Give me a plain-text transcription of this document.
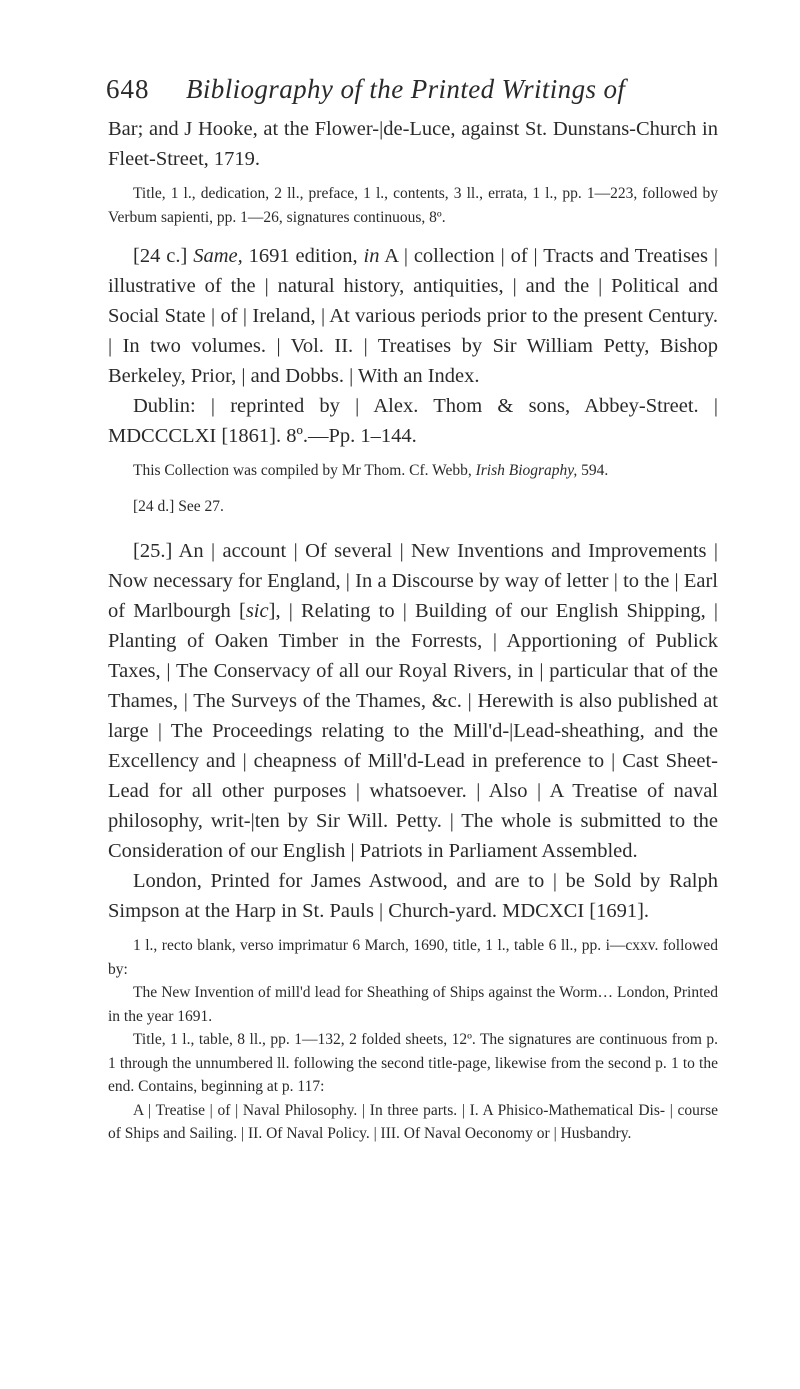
648 Bibliography of the Printed Writings of

Bar; and J Hooke, at the Flower-|de-Luce, against St. Dunstans-Church in Fleet-Street, 1719.

Title, 1 l., dedication, 2 ll., preface, 1 l., contents, 3 ll., errata, 1 l., pp. 1—223, followed by Verbum sapienti, pp. 1—26, signatures continuous, 8º.

[24 c.] Same, 1691 edition, in A | collection | of | Tracts and Treatises | illustrative of the | natural history, antiquities, | and the | Political and Social State | of | Ireland, | At various periods prior to the present Century. | In two volumes. | Vol. II. | Treatises by Sir William Petty, Bishop Berkeley, Prior, | and Dobbs. | With an Index.

Dublin: | reprinted by | Alex. Thom & sons, Abbey-Street. | MDCCCLXI [1861]. 8º.—Pp. 1–144.

This Collection was compiled by Mr Thom. Cf. Webb, Irish Biography, 594.

[24 d.] See 27.

[25.] An | account | Of several | New Inventions and Improvements | Now necessary for England, | In a Discourse by way of letter | to the | Earl of Marlbourgh [sic], | Relating to | Building of our English Shipping, | Planting of Oaken Timber in the Forrests, | Apportioning of Publick Taxes, | The Conservacy of all our Royal Rivers, in | particular that of the Thames, | The Surveys of the Thames, &c. | Herewith is also published at large | The Proceedings relating to the Mill'd-|Lead-sheathing, and the Excellency and | cheapness of Mill'd-Lead in preference to | Cast Sheet-Lead for all other purposes | whatsoever. | Also | A Treatise of naval philosophy, writ-|ten by Sir Will. Petty. | The whole is submitted to the Consideration of our English | Patriots in Parliament Assembled.

London, Printed for James Astwood, and are to | be Sold by Ralph Simpson at the Harp in St. Pauls | Church-yard. MDCXCI [1691].

1 l., recto blank, verso imprimatur 6 March, 1690, title, 1 l., table 6 ll., pp. i—cxxv. followed by:

The New Invention of mill'd lead for Sheathing of Ships against the Worm… London, Printed in the year 1691.

Title, 1 l., table, 8 ll., pp. 1—132, 2 folded sheets, 12º. The signatures are continuous from p. 1 through the unnumbered ll. following the second title-page, likewise from the second p. 1 to the end. Contains, beginning at p. 117:

A | Treatise | of | Naval Philosophy. | In three parts. | I. A Phisico-Mathematical Dis- | course of Ships and Sailing. | II. Of Naval Policy. | III. Of Naval Oeconomy or | Husbandry.
